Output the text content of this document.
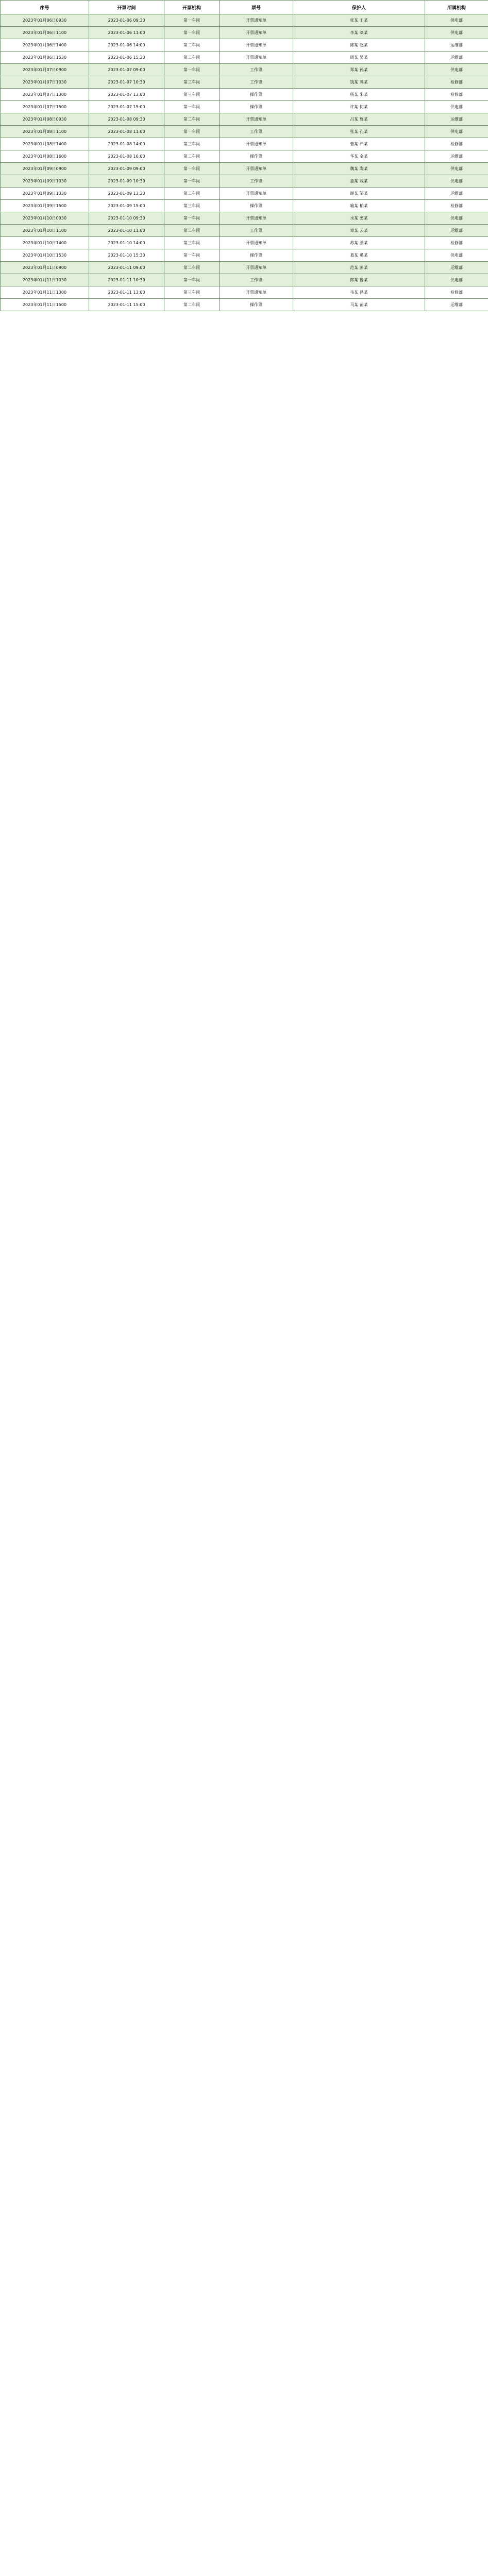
序号	开票时间	开票机构	票号	保护人	所属机构
2023年01月06日0930	2023-01-06 09:30	第一车间	开票通知单	张某 王某	供电部
2023年01月06日1100	2023-01-06 11:00	第一车间	开票通知单	李某 刘某	供电部
2023年01月06日1400	2023-01-06 14:00	第二车间	开票通知单	陈某 赵某	运维部
2023年01月06日1530	2023-01-06 15:30	第二车间	开票通知单	周某 吴某	运维部
2023年01月07日0900	2023-01-07 09:00	第一车间	工作票	郑某 孙某	供电部
2023年01月07日1030	2023-01-07 10:30	第三车间	工作票	钱某 冯某	检修部
2023年01月07日1300	2023-01-07 13:00	第三车间	操作票	杨某 朱某	检修部
2023年01月07日1500	2023-01-07 15:00	第一车间	操作票	许某 何某	供电部
2023年01月08日0930	2023-01-08 09:30	第二车间	开票通知单	吕某 施某	运维部
2023年01月08日1100	2023-01-08 11:00	第一车间	工作票	张某 孔某	供电部
2023年01月08日1400	2023-01-08 14:00	第三车间	开票通知单	曹某 严某	检修部
2023年01月08日1600	2023-01-08 16:00	第二车间	操作票	华某 金某	运维部
2023年01月09日0900	2023-01-09 09:00	第一车间	开票通知单	魏某 陶某	供电部
2023年01月09日1030	2023-01-09 10:30	第一车间	工作票	姜某 戚某	供电部
2023年01月09日1330	2023-01-09 13:30	第二车间	开票通知单	谢某 邹某	运维部
2023年01月09日1500	2023-01-09 15:00	第三车间	操作票	喻某 柏某	检修部
2023年01月10日0930	2023-01-10 09:30	第一车间	开票通知单	水某 窦某	供电部
2023年01月10日1100	2023-01-10 11:00	第二车间	工作票	章某 云某	运维部
2023年01月10日1400	2023-01-10 14:00	第三车间	开票通知单	苏某 潘某	检修部
2023年01月10日1530	2023-01-10 15:30	第一车间	操作票	葛某 奚某	供电部
2023年01月11日0900	2023-01-11 09:00	第二车间	开票通知单	范某 彭某	运维部
2023年01月11日1030	2023-01-11 10:30	第一车间	工作票	郎某 鲁某	供电部
2023年01月11日1300	2023-01-11 13:00	第三车间	开票通知单	韦某 昌某	检修部
2023年01月11日1500	2023-01-11 15:00	第二车间	操作票	马某 苗某	运维部
